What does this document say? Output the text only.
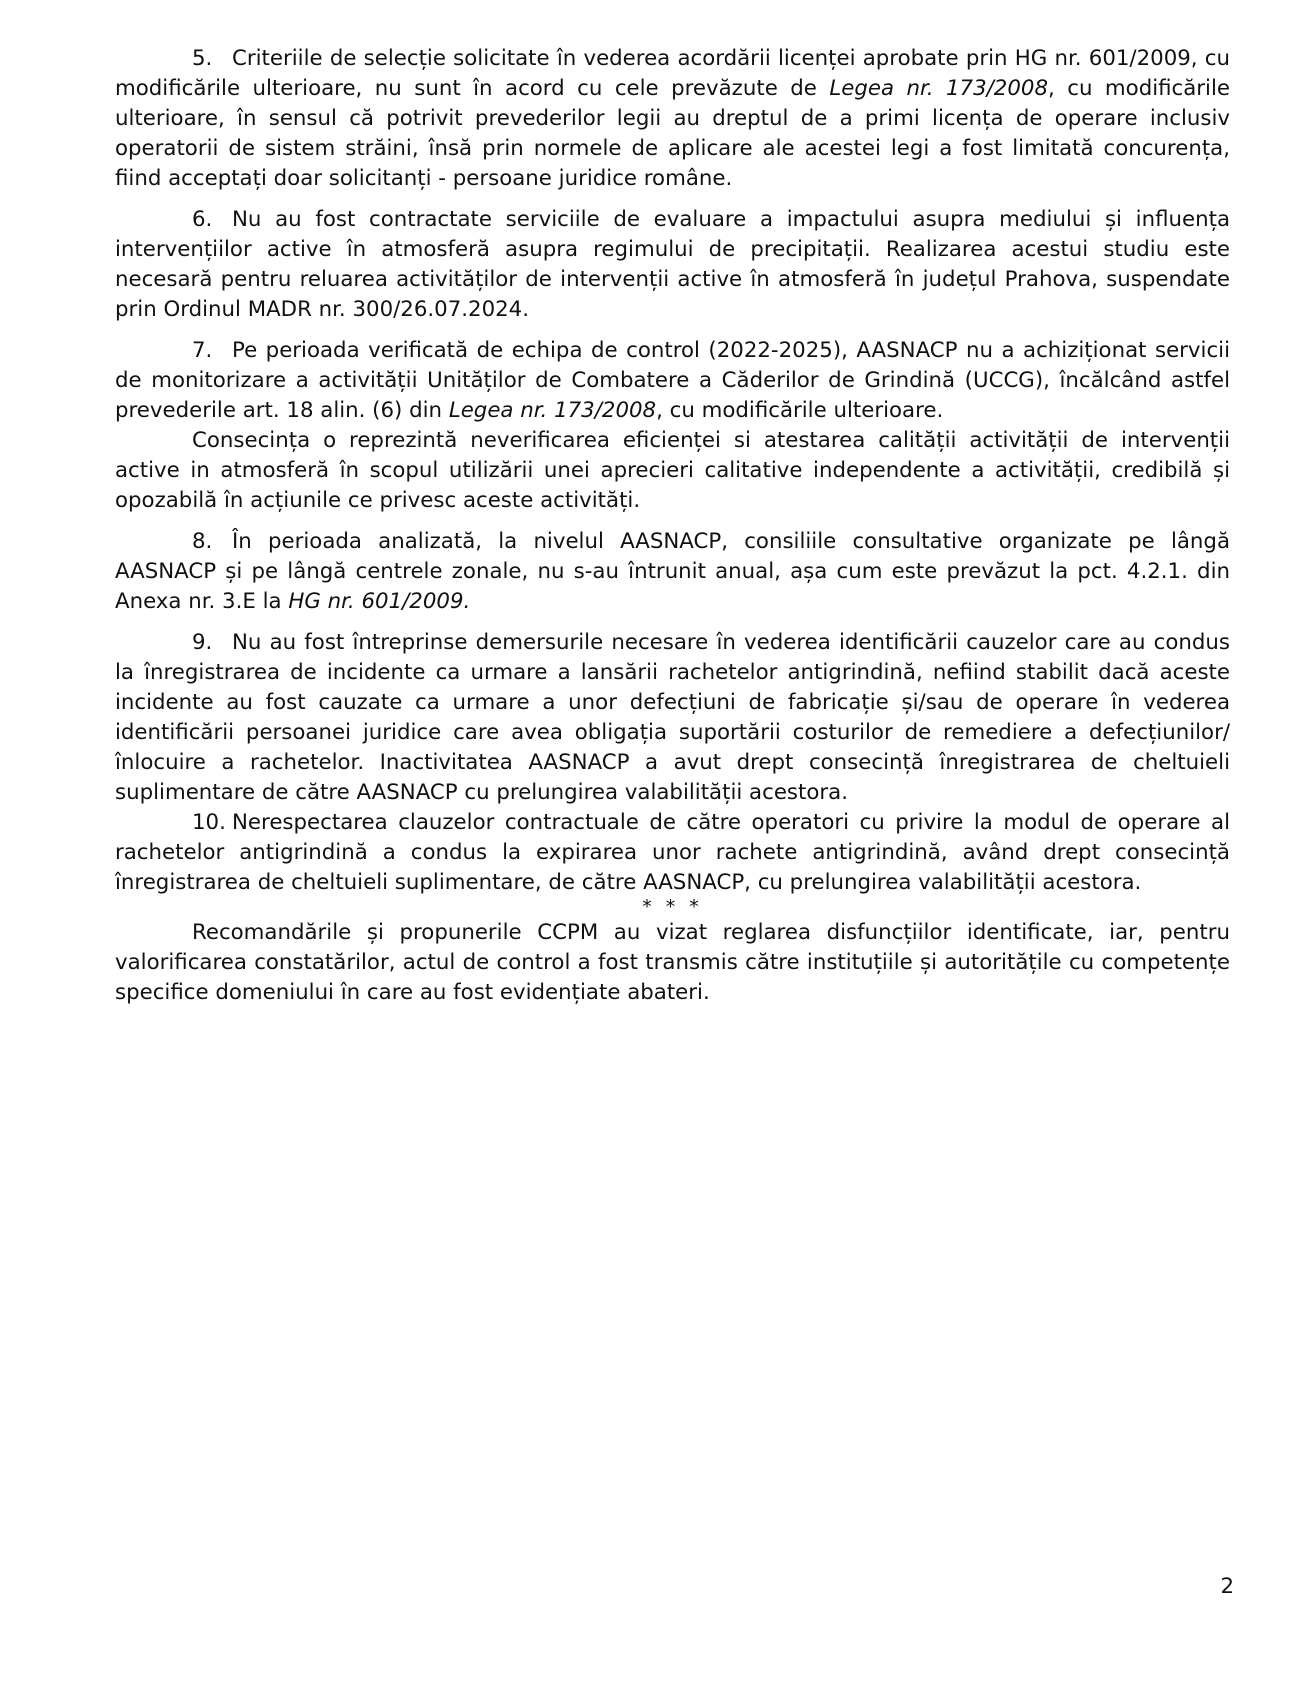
5. Criteriile de selecție solicitate în vederea acordării licenței aprobate prin HG nr. 601/2009, cu modificările ulterioare, nu sunt în acord cu cele prevăzute de Legea nr. 173/2008, cu modificările ulterioare, în sensul că potrivit prevederilor legii au dreptul de a primi licența de operare inclusiv operatorii de sistem străini, însă prin normele de aplicare ale acestei legi a fost limitată concurența, fiind acceptați doar solicitanți - persoane juridice române.

6. Nu au fost contractate serviciile de evaluare a impactului asupra mediului și influența intervențiilor active în atmosferă asupra regimului de precipitații. Realizarea acestui studiu este necesară pentru reluarea activităților de intervenții active în atmosferă în județul Prahova, suspendate prin Ordinul MADR nr. 300/26.07.2024.

7. Pe perioada verificată de echipa de control (2022-2025), AASNACP nu a achiziționat servicii de monitorizare a activității Unităților de Combatere a Căderilor de Grindină (UCCG), încălcând astfel prevederile art. 18 alin. (6) din Legea nr. 173/2008, cu modificările ulterioare.

Consecința o reprezintă neverificarea eficienței si atestarea calității activității de intervenții active in atmosferă în scopul utilizării unei aprecieri calitative independente a activității, credibilă și opozabilă în acțiunile ce privesc aceste activități.

8. În perioada analizată, la nivelul AASNACP, consiliile consultative organizate pe lângă AASNACP și pe lângă centrele zonale, nu s-au întrunit anual, așa cum este prevăzut la pct. 4.2.1. din Anexa nr. 3.E la HG nr. 601/2009.

9. Nu au fost întreprinse demersurile necesare în vederea identificării cauzelor care au condus la înregistrarea de incidente ca urmare a lansării rachetelor antigrindină, nefiind stabilit dacă aceste incidente au fost cauzate ca urmare a unor defecțiuni de fabricație și/sau de operare în vederea identificării persoanei juridice care avea obligația suportării costurilor de remediere a defecțiunilor/înlocuire a rachetelor. Inactivitatea AASNACP a avut drept consecință înregistrarea de cheltuieli suplimentare de către AASNACP cu prelungirea valabilității acestora.

10. Nerespectarea clauzelor contractuale de către operatori cu privire la modul de operare al rachetelor antigrindină a condus la expirarea unor rachete antigrindină, având drept consecință înregistrarea de cheltuieli suplimentare, de către AASNACP, cu prelungirea valabilității acestora.

* * *

Recomandările și propunerile CCPM au vizat reglarea disfuncțiilor identificate, iar, pentru valorificarea constatărilor, actul de control a fost transmis către instituțiile și autoritățile cu competențe specifice domeniului în care au fost evidențiate abateri.

2
